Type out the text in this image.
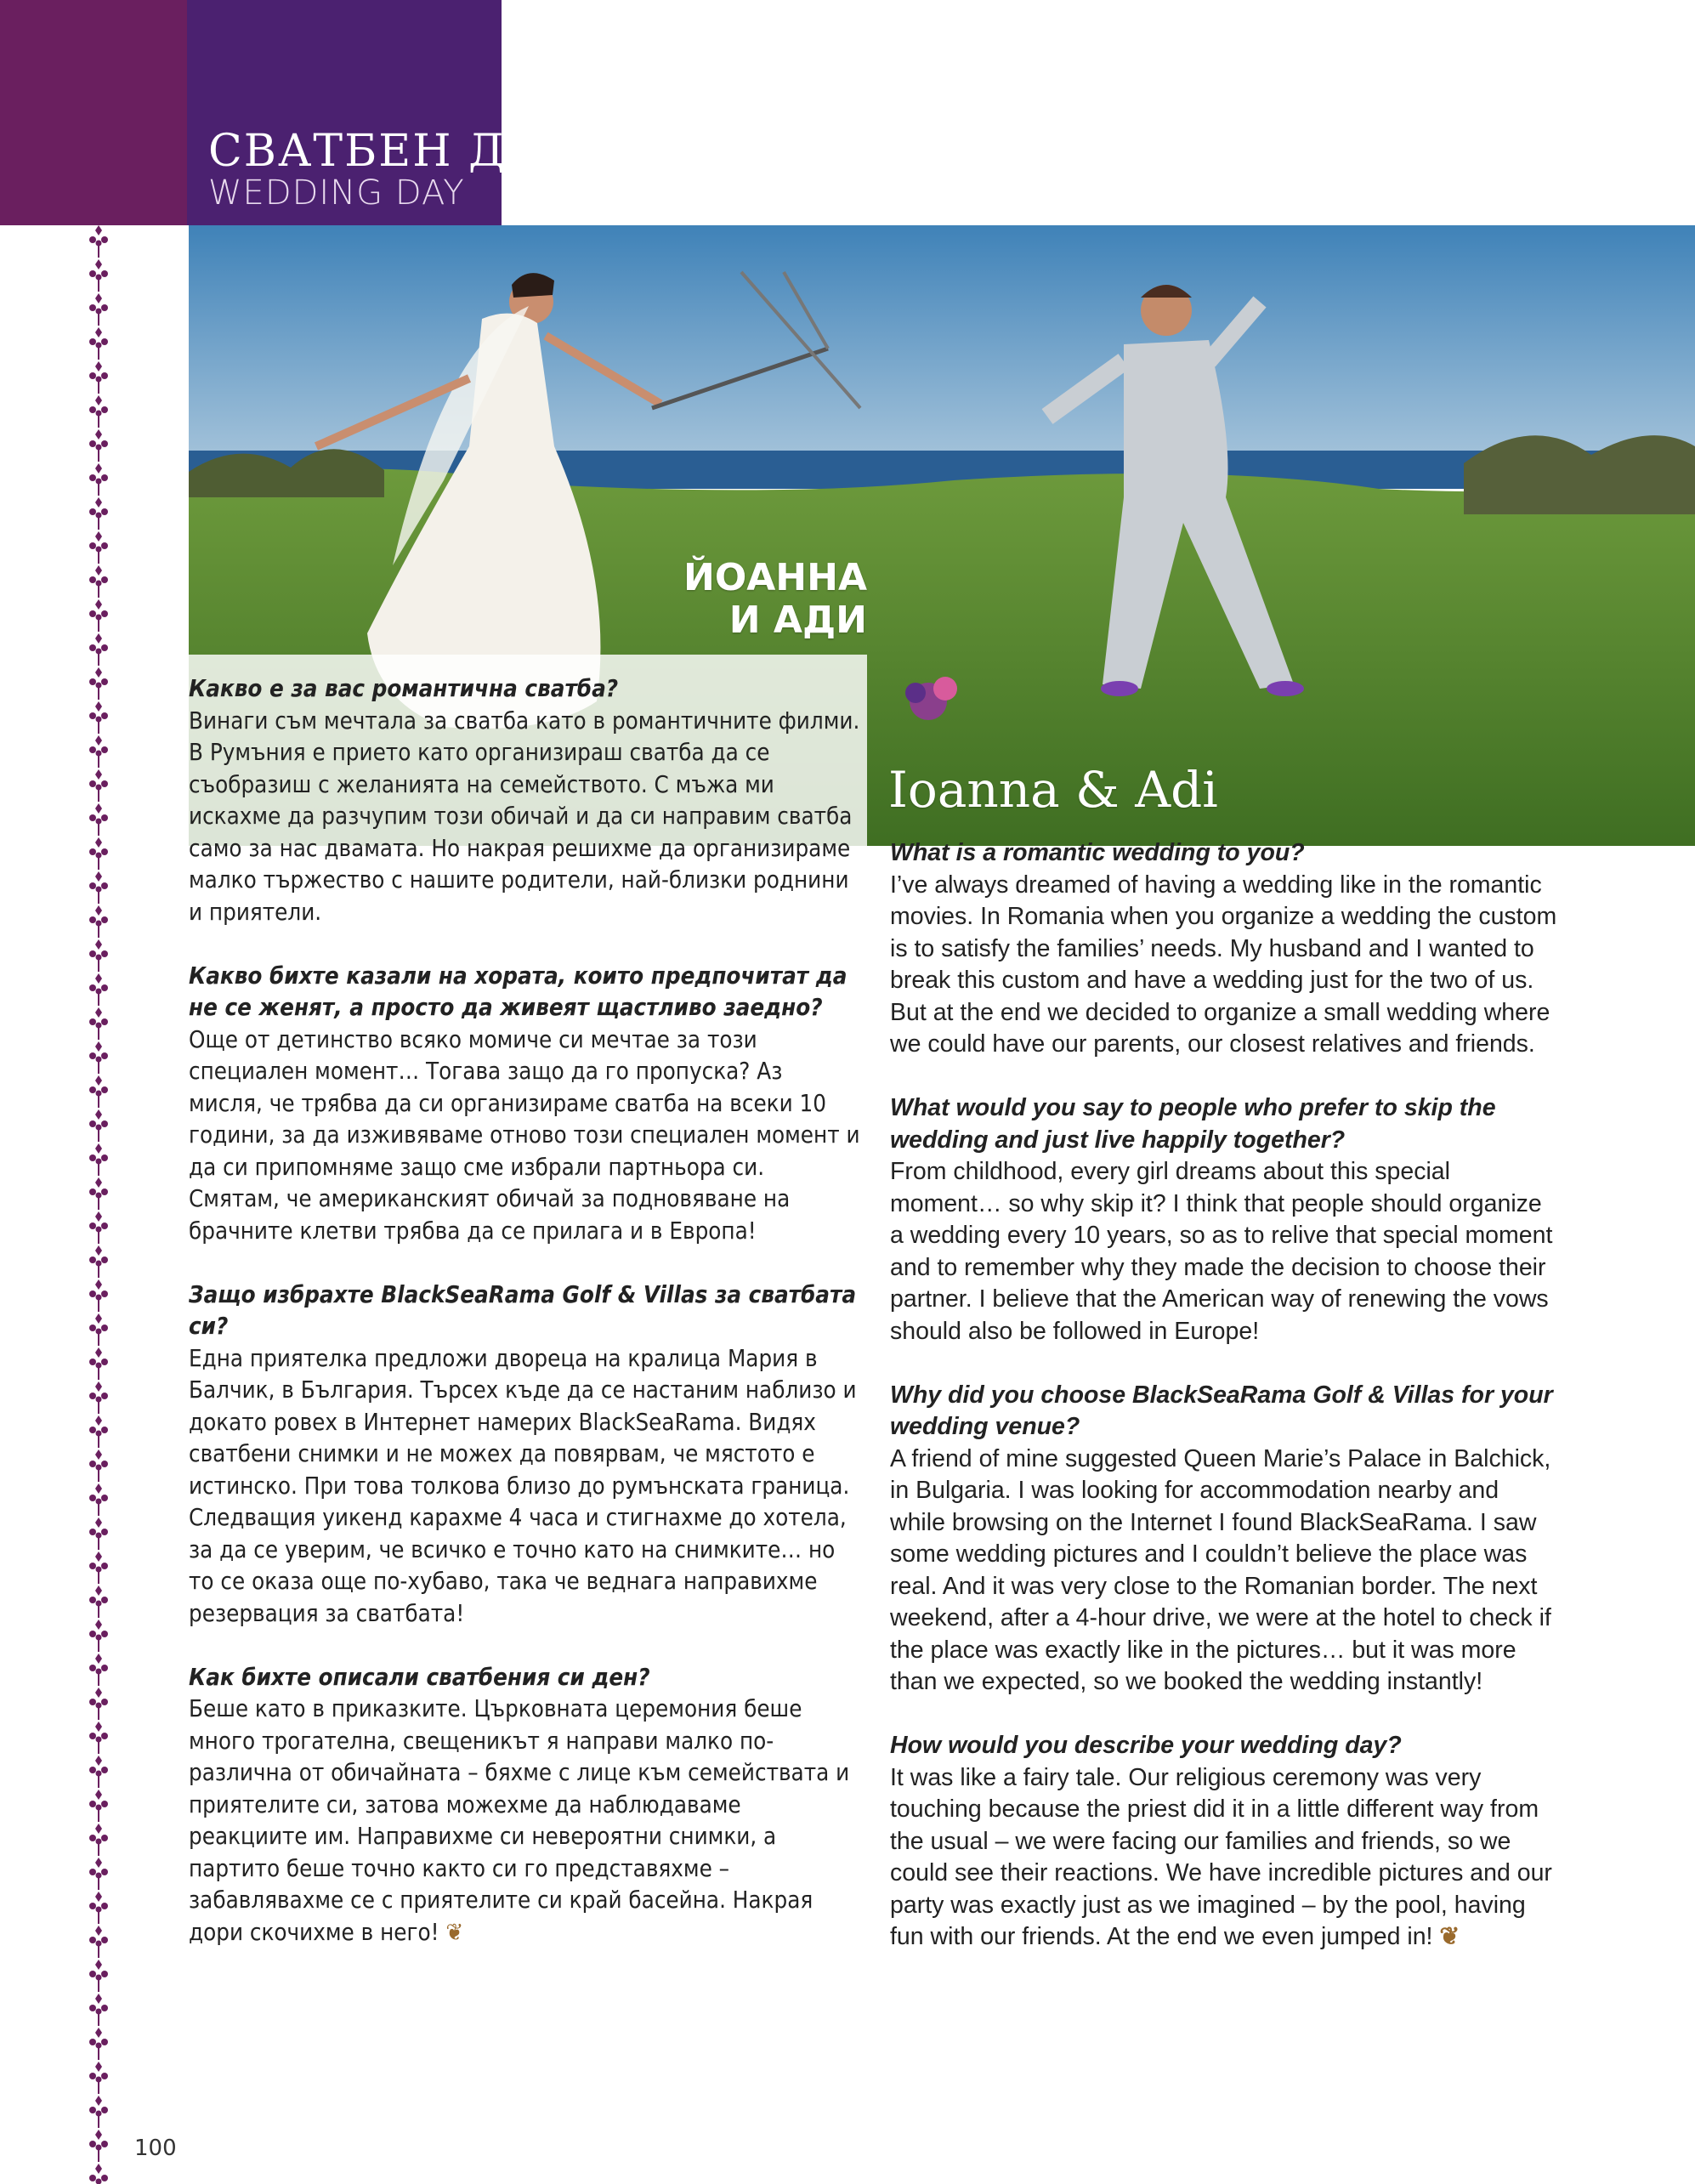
СВАТБЕН ДЕН
WEDDING DAY
ЙОАННА
И АДИ
Ioanna & Adi
Какво е за вас романтична сватба?
Винаги съм мечтала за сватба като в романтичните филми. В Румъния е прието като организираш сватба да се съобразиш с желанията на семейството. С мъжа ми искахме да разчупим този обичай и да си направим сватба само за нас двамата. Но накрая решихме да организираме малко тържество с нашите родители, най-близки роднини и приятели.
Какво бихте казали на хората, които предпочитат да не се женят, а просто да живеят щастливо заедно?
Още от детинство всяко момиче си мечтае за този специален момент… Тогава защо да го пропуска? Аз мисля, че трябва да си организираме сватба на всеки 10 години, за да изживяваме отново този специален момент и да си припомняме защо сме избрали партньора си. Смятам, че американският обичай за подновяване на брачните клетви трябва да се прилага и в Европа!
Защо избрахте BlackSeaRama Golf & Villas за сватбата си?
Една приятелка предложи двореца на кралица Мария в Балчик, в България. Търсех къде да се настаним наблизо и докато ровех в Интернет намерих BlackSeaRama. Видях сватбени снимки и не можех да повярвам, че мястото е истинско. При това толкова близо до румънската граница. Следващия уикенд карахме 4 часа и стигнахме до хотела, за да се уверим, че всичко е точно като на снимките… но то се оказа още по-хубаво, така че веднага направихме резервация за сватбата!
Как бихте описали сватбения си ден?
Беше като в приказките. Църковната церемония беше много трогателна, свещеникът я направи малко по-различна от обичайната – бяхме с лице към семействата и приятелите си, затова можехме да наблюдаваме реакциите им. Направихме си невероятни снимки, а партито беше точно както си го представяхме – забавлявахме се с приятелите си край басейна. Накрая дори скочихме в него! ❦
What is a romantic wedding to you?
I’ve always dreamed of having a wedding like in the romantic movies. In Romania when you organize a wedding the custom is to satisfy the families’ needs. My husband and I wanted to break this custom and have a wedding just for the two of us. But at the end we decided to organize a small wedding where we could have our parents, our closest relatives and friends.
What would you say to people who prefer to skip the wedding and just live happily together?
From childhood, every girl dreams about this special moment… so why skip it? I think that people should organize a wedding every 10 years, so as to relive that special moment and to remember why they made the decision to choose their partner. I believe that the American way of renewing the vows should also be followed in Europe!
Why did you choose BlackSeaRama Golf & Villas for your wedding venue?
A friend of mine suggested Queen Marie’s Palace in Balchick, in Bulgaria. I was looking for accommodation nearby and while browsing on the Internet I found BlackSeaRama. I saw some wedding pictures and I couldn’t believe the place was real. And it was very close to the Romanian border. The next weekend, after a 4-hour drive, we were at the hotel to check if the place was exactly like in the pictures… but it was more than we expected, so we booked the wedding instantly!
How would you describe your wedding day?
It was like a fairy tale. Our religious ceremony was very touching because the priest did it in a little different way from the usual – we were facing our families and friends, so we could see their reactions. We have incredible pictures and our party was exactly just as we imagined – by the pool, having fun with our friends. At the end we even jumped in! ❦
100
